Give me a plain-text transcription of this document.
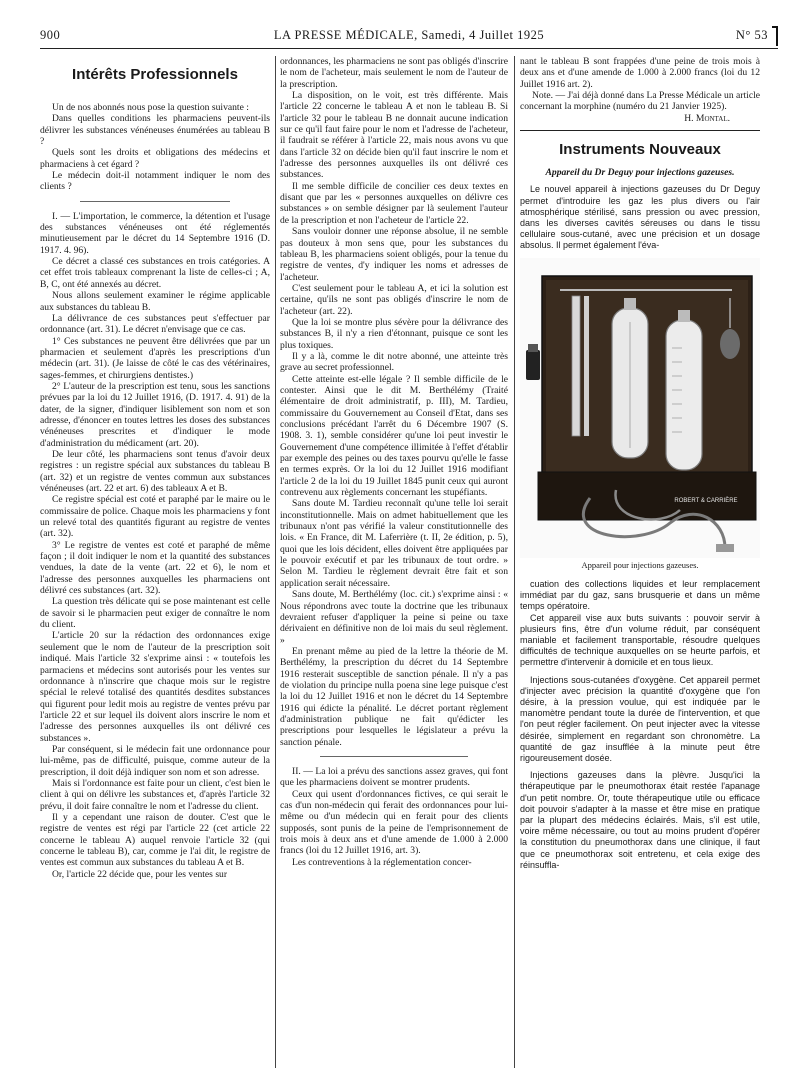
900	LA PRESSE MÉDICALE, Samedi, 4 Juillet 1925	N° 53
Intérêts Professionnels

Un de nos abonnés nous pose la question suivante :

Dans quelles conditions les pharmaciens peuvent-ils délivrer les substances vénéneuses énumérées au tableau B ?

Quels sont les droits et obligations des médecins et pharmaciens à cet égard ?

Le médecin doit-il notamment indiquer le nom des clients ?

I. — L'importation, le commerce, la détention et l'usage des substances vénéneuses ont été réglementés minutieusement par le décret du 14 Septembre 1916 (D. 1917. 4. 96).

Ce décret a classé ces substances en trois catégories. A cet effet trois tableaux comprenant la liste de celles-ci ; A, B, C, ont été annexés au décret.

Nous allons seulement examiner le régime applicable aux substances du tableau B.

La délivrance de ces substances peut s'effectuer par ordonnance (art. 31). Le décret n'envisage que ce cas.

1° Ces substances ne peuvent être délivrées que par un pharmacien et seulement d'après les prescriptions d'un médecin (art. 31). (Je laisse de côté le cas des vétérinaires, sages-femmes, et chirurgiens dentistes.)

2° L'auteur de la prescription est tenu, sous les sanctions prévues par la loi du 12 Juillet 1916, (D. 1917. 4. 91) de la dater, de la signer, d'indiquer lisiblement son nom et son adresse, d'énoncer en toutes lettres les doses des substances vénéneuses prescrites et d'indiquer le mode d'administration du médicament (art. 20).

De leur côté, les pharmaciens sont tenus d'avoir deux registres : un registre spécial aux substances du tableau B (art. 32) et un registre de ventes commun aux substances vénéneuses (art. 22 et art. 6) des tableaux A et B.

Ce registre spécial est coté et paraphé par le maire ou le commissaire de police. Chaque mois les pharmaciens y font un relevé total des quantités figurant au registre de ventes (art. 32).

3° Le registre de ventes est coté et paraphé de même façon ; il doit indiquer le nom et la quantité des substances vendues, la date de la vente (art. 22 et 6), le nom et l'adresse des personnes auxquelles les pharmaciens ont délivré ces substances (art. 32).

La question très délicate qui se pose maintenant est celle de savoir si le pharmacien peut exiger de connaître le nom du client.

L'article 20 sur la rédaction des ordonnances exige seulement que le nom de l'auteur de la prescription soit indiqué. Mais l'article 32 s'exprime ainsi : « toutefois les parmaciens et médecins sont autorisés pour les ventes sur ordonnance à n'inscrire que chaque mois sur le registre spécial le relevé totalisé des quantités desdites substances qui figurent pour ledit mois au registre de ventes prévu par l'article 22 et sur lequel ils doivent alors inscrire le nom et l'adresse des personnes auxquelles ils ont délivré ces substances ».

Par conséquent, si le médecin fait une ordonnance pour lui-même, pas de difficulté, puisque, comme auteur de la prescription, il doit déjà indiquer son nom et son adresse.

Mais si l'ordonnance est faite pour un client, c'est bien le client à qui on délivre les substances et, d'après l'article 32 prévu, il doit faire connaître le nom et l'adresse du client.

Il y a cependant une raison de douter. C'est que le registre de ventes est régi par l'article 22 (cet article 22 concerne le tableau A) auquel renvoie l'article 32 (qui concerne le tableau B), car, comme je l'ai dit, le registre de ventes est commun aux substances du tableau A et B.

Or, l'article 22 décide que, pour les ventes sur

ordonnances, les pharmaciens ne sont pas obligés d'inscrire le nom de l'acheteur, mais seulement le nom de l'auteur de la prescription.

La disposition, on le voit, est très différente. Mais l'article 22 concerne le tableau A et non le tableau B. Si l'article 32 pour le tableau B ne donnait aucune indication sur ce qu'il faut faire pour le nom et l'adresse de l'acheteur, il faudrait se référer à l'article 22, mais nous avons vu que dans l'article 32 on décide bien qu'il faut inscrire le nom et l'adresse des personnes auxquelles ils ont délivré ces substances.

Il me semble difficile de concilier ces deux textes en disant que par les « personnes auxquelles on délivre ces substances » on semble désigner par là seulement l'auteur de la prescription et non l'acheteur de l'article 22.

Sans vouloir donner une réponse absolue, il ne semble pas douteux à mon sens que, pour les substances du tableau B, les pharmaciens soient obligés, pour la tenue du registre de ventes, d'y indiquer les noms et adresses de l'acheteur.

C'est seulement pour le tableau A, et ici la solution est certaine, qu'ils ne sont pas obligés d'inscrire le nom de l'acheteur (art. 22).

Que la loi se montre plus sévère pour la délivrance des substances B, il n'y a rien d'étonnant, puisque ce sont les plus toxiques.

Il y a là, comme le dit notre abonné, une atteinte très grave au secret professionnel.

Cette atteinte est-elle légale ? Il semble difficile de le contester. Ainsi que le dit M. Berthélémy (Traité élémentaire de droit administratif, p. III), M. Tardieu, commissaire du Gouvernement au Conseil d'Etat, dans ses conclusions précédant l'arrêt du 6 Décembre 1907 (S. 1908. 3. 1), semble considérer qu'une loi peut investir le Gouvernement d'une compétence illimitée à l'effet d'établir par exemple des peines ou des taxes pourvu qu'elle le fasse en termes exprès. Or la loi du 12 Juillet 1916 modifiant l'article 2 de la loi du 19 Juillet 1845 punit ceux qui auront contrevenu aux règlements concernant les stupéfiants.

Sans doute M. Tardieu reconnaît qu'une telle loi serait inconstitutionnelle. Mais on admet habituellement que les tribunaux n'ont pas vérifié la valeur constitutionnelle des lois. « En France, dit M. Laferrière (t. II, 2e édition, p. 5), quoi que les lois décident, elles doivent être appliquées par le pouvoir exécutif et par les tribunaux de tout ordre. » Selon M. Tardieu le règlement devrait être fait et son application serait nécessaire.

Sans doute, M. Berthélémy (loc. cit.) s'exprime ainsi : « Nous répondrons avec toute la doctrine que les tribunaux devraient refuser d'appliquer la peine si peine ou taxe dérivaient en définitive non de loi mais du seul règlement. »

En prenant même au pied de la lettre la théorie de M. Berthélémy, la prescription du décret du 14 Septembre 1916 resterait susceptible de sanction pénale. Il n'y a pas de violation du principe nulla poena sine lege puisque c'est la loi du 12 Juillet 1916 et non le décret du 14 Septembre 1916 qui édicte la pénalité. Le décret portant règlement d'administration publique ne fait qu'édicter les prescriptions pour lesquelles le législateur a prévu la sanction pénale.

II. — La loi a prévu des sanctions assez graves, qui font que les pharmaciens doivent se montrer prudents.

Ceux qui usent d'ordonnances fictives, ce qui serait le cas d'un non-médecin qui ferait des ordonnances pour lui-même ou d'un médecin qui en ferait pour des clients supposés, sont punis de la peine de l'emprisonnement de trois mois à deux ans et d'une amende de 1.000 à 2.000 francs (loi du 12 Juillet 1916, art. 3).

Les contreventions à la réglementation concer-

nant le tableau B sont frappées d'une peine de trois mois à deux ans et d'une amende de 1.000 à 2.000 francs (loi du 12 Juillet 1916 art. 2).

Note. — J'ai déjà donné dans La Presse Médicale un article concernant la morphine (numéro du 21 Janvier 1925).

H. Montal.
Instruments Nouveaux
Appareil du Dr Deguy pour injections gazeuses.

Le nouvel appareil à injections gazeuses du Dr Deguy permet d'introduire les gaz les plus divers ou l'air atmosphérique stérilisé, sans pression ou avec pression, dans les diverses cavités séreuses ou dans le tissu cellulaire sous-cutané, avec une précision et un dosage absolus. Il permet également l'éva-

ROBERT & CARRIÈRE
Appareil pour injections gazeuses.

cuation des collections liquides et leur remplacement immédiat par du gaz, sans brusquerie et dans un même temps opératoire.

Cet appareil vise aux buts suivants : pouvoir servir à plusieurs fins, être d'un volume réduit, par conséquent maniable et facilement transportable, résoudre quelques difficultés de technique auxquelles on se heurte parfois, et permettre d'intervenir à domicile et en tous lieux.

Injections sous-cutanées d'oxygène. Cet appareil permet d'injecter avec précision la quantité d'oxygène que l'on désire, à la pression voulue, qui est indiquée par le manomètre pendant toute la durée de l'intervention, et que l'on peut régler facilement. On peut injecter avec la vitesse désirée, simplement en regardant son chronomètre. La quantité de gaz insufflée à la minute peut être rigoureusement dosée.

Injections gazeuses dans la plèvre. Jusqu'ici la thérapeutique par le pneumothorax était restée l'apanage d'un petit nombre. Or, toute thérapeutique utile ou efficace doit pouvoir s'adapter à la masse et être mise en pratique par la plupart des médecins éclairés. Mais, s'il est utile, voire même nécessaire, ou tout au moins prudent d'opérer la constitution du pneumothorax dans une clinique, il faut que ce pneumothorax soit entretenu, et cela exige des réinsuffla-
